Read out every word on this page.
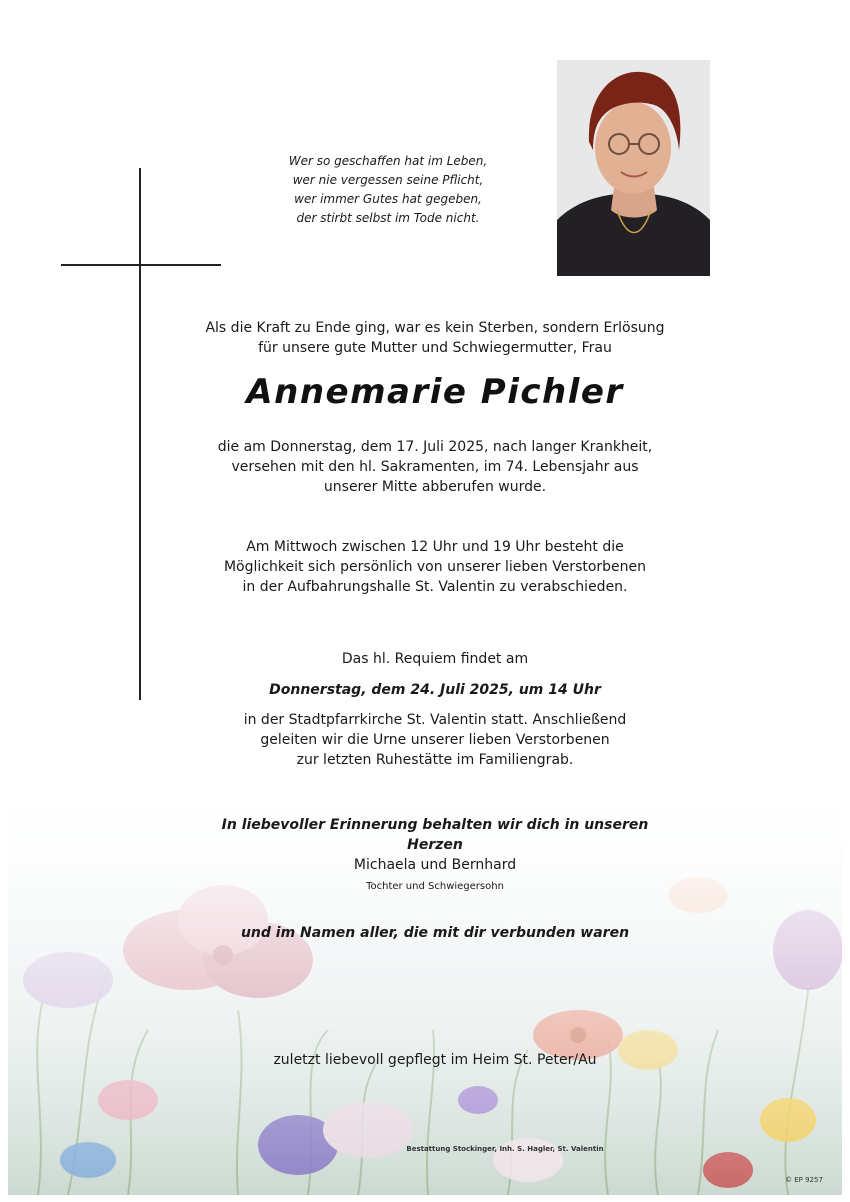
Wer so geschaffen hat im Leben,
wer nie vergessen seine Pflicht,
wer immer Gutes hat gegeben,
der stirbt selbst im Tode nicht.
Als die Kraft zu Ende ging, war es kein Sterben, sondern Erlösung
für unsere gute Mutter und Schwiegermutter, Frau
Annemarie Pichler
die am Donnerstag, dem 17. Juli 2025, nach langer Krankheit,
versehen mit den hl. Sakramenten, im 74. Lebensjahr aus
unserer Mitte abberufen wurde.
Am Mittwoch zwischen 12 Uhr und 19 Uhr besteht die
Möglichkeit sich persönlich von unserer lieben Verstorbenen
in der Aufbahrungshalle St. Valentin zu verabschieden.
Das hl. Requiem findet am
Donnerstag, dem 24. Juli 2025, um 14 Uhr
in der Stadtpfarrkirche St. Valentin statt. Anschließend
geleiten wir die Urne unserer lieben Verstorbenen
zur letzten Ruhestätte im Familiengrab.
In liebevoller Erinnerung behalten wir dich in unseren Herzen
Michaela und Bernhard
Tochter und Schwiegersohn
und im Namen aller, die mit dir verbunden waren
zuletzt liebevoll gepflegt im Heim St. Peter/Au
Bestattung Stockinger, Inh. S. Hagler, St. Valentin
© EP 9257
